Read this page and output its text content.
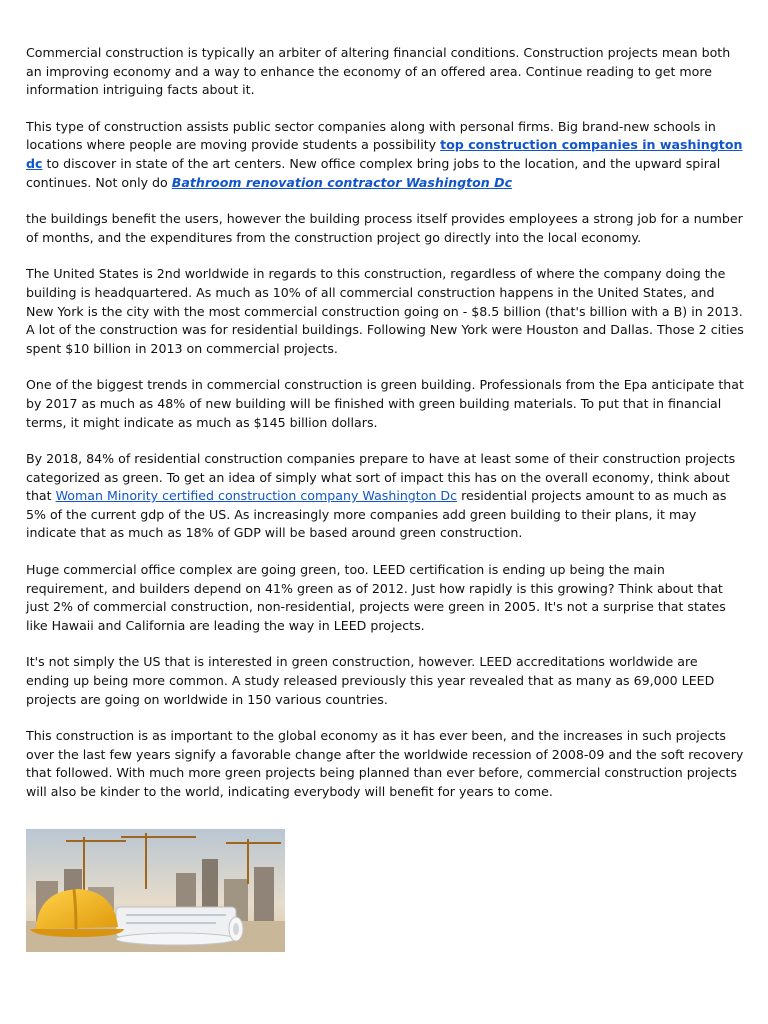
Commercial construction is typically an arbiter of altering financial conditions. Construction projects mean both an improving economy and a way to enhance the economy of an offered area. Continue reading to get more information intriguing facts about it.

This type of construction assists public sector companies along with personal firms. Big brand-new schools in locations where people are moving provide students a possibility top construction companies in washington dc to discover in state of the art centers. New office complex bring jobs to the location, and the upward spiral continues. Not only do Bathroom renovation contractor Washington Dc

the buildings benefit the users, however the building process itself provides employees a strong job for a number of months, and the expenditures from the construction project go directly into the local economy.

The United States is 2nd worldwide in regards to this construction, regardless of where the company doing the building is headquartered. As much as 10% of all commercial construction happens in the United States, and New York is the city with the most commercial construction going on - $8.5 billion (that's billion with a B) in 2013. A lot of the construction was for residential buildings. Following New York were Houston and Dallas. Those 2 cities spent $10 billion in 2013 on commercial projects.

One of the biggest trends in commercial construction is green building. Professionals from the Epa anticipate that by 2017 as much as 48% of new building will be finished with green building materials. To put that in financial terms, it might indicate as much as $145 billion dollars.

By 2018, 84% of residential construction companies prepare to have at least some of their construction projects categorized as green. To get an idea of simply what sort of impact this has on the overall economy, think about that Woman Minority certified construction company Washington Dc residential projects amount to as much as 5% of the current gdp of the US. As increasingly more companies add green building to their plans, it may indicate that as much as 18% of GDP will be based around green construction.

Huge commercial office complex are going green, too. LEED certification is ending up being the main requirement, and builders depend on 41% green as of 2012. Just how rapidly is this growing? Think about that just 2% of commercial construction, non-residential, projects were green in 2005. It's not a surprise that states like Hawaii and California are leading the way in LEED projects.

It's not simply the US that is interested in green construction, however. LEED accreditations worldwide are ending up being more common. A study released previously this year revealed that as many as 69,000 LEED projects are going on worldwide in 150 various countries.

This construction is as important to the global economy as it has ever been, and the increases in such projects over the last few years signify a favorable change after the worldwide recession of 2008-09 and the soft recovery that followed. With much more green projects being planned than ever before, commercial construction projects will also be kinder to the world, indicating everybody will benefit for years to come.
